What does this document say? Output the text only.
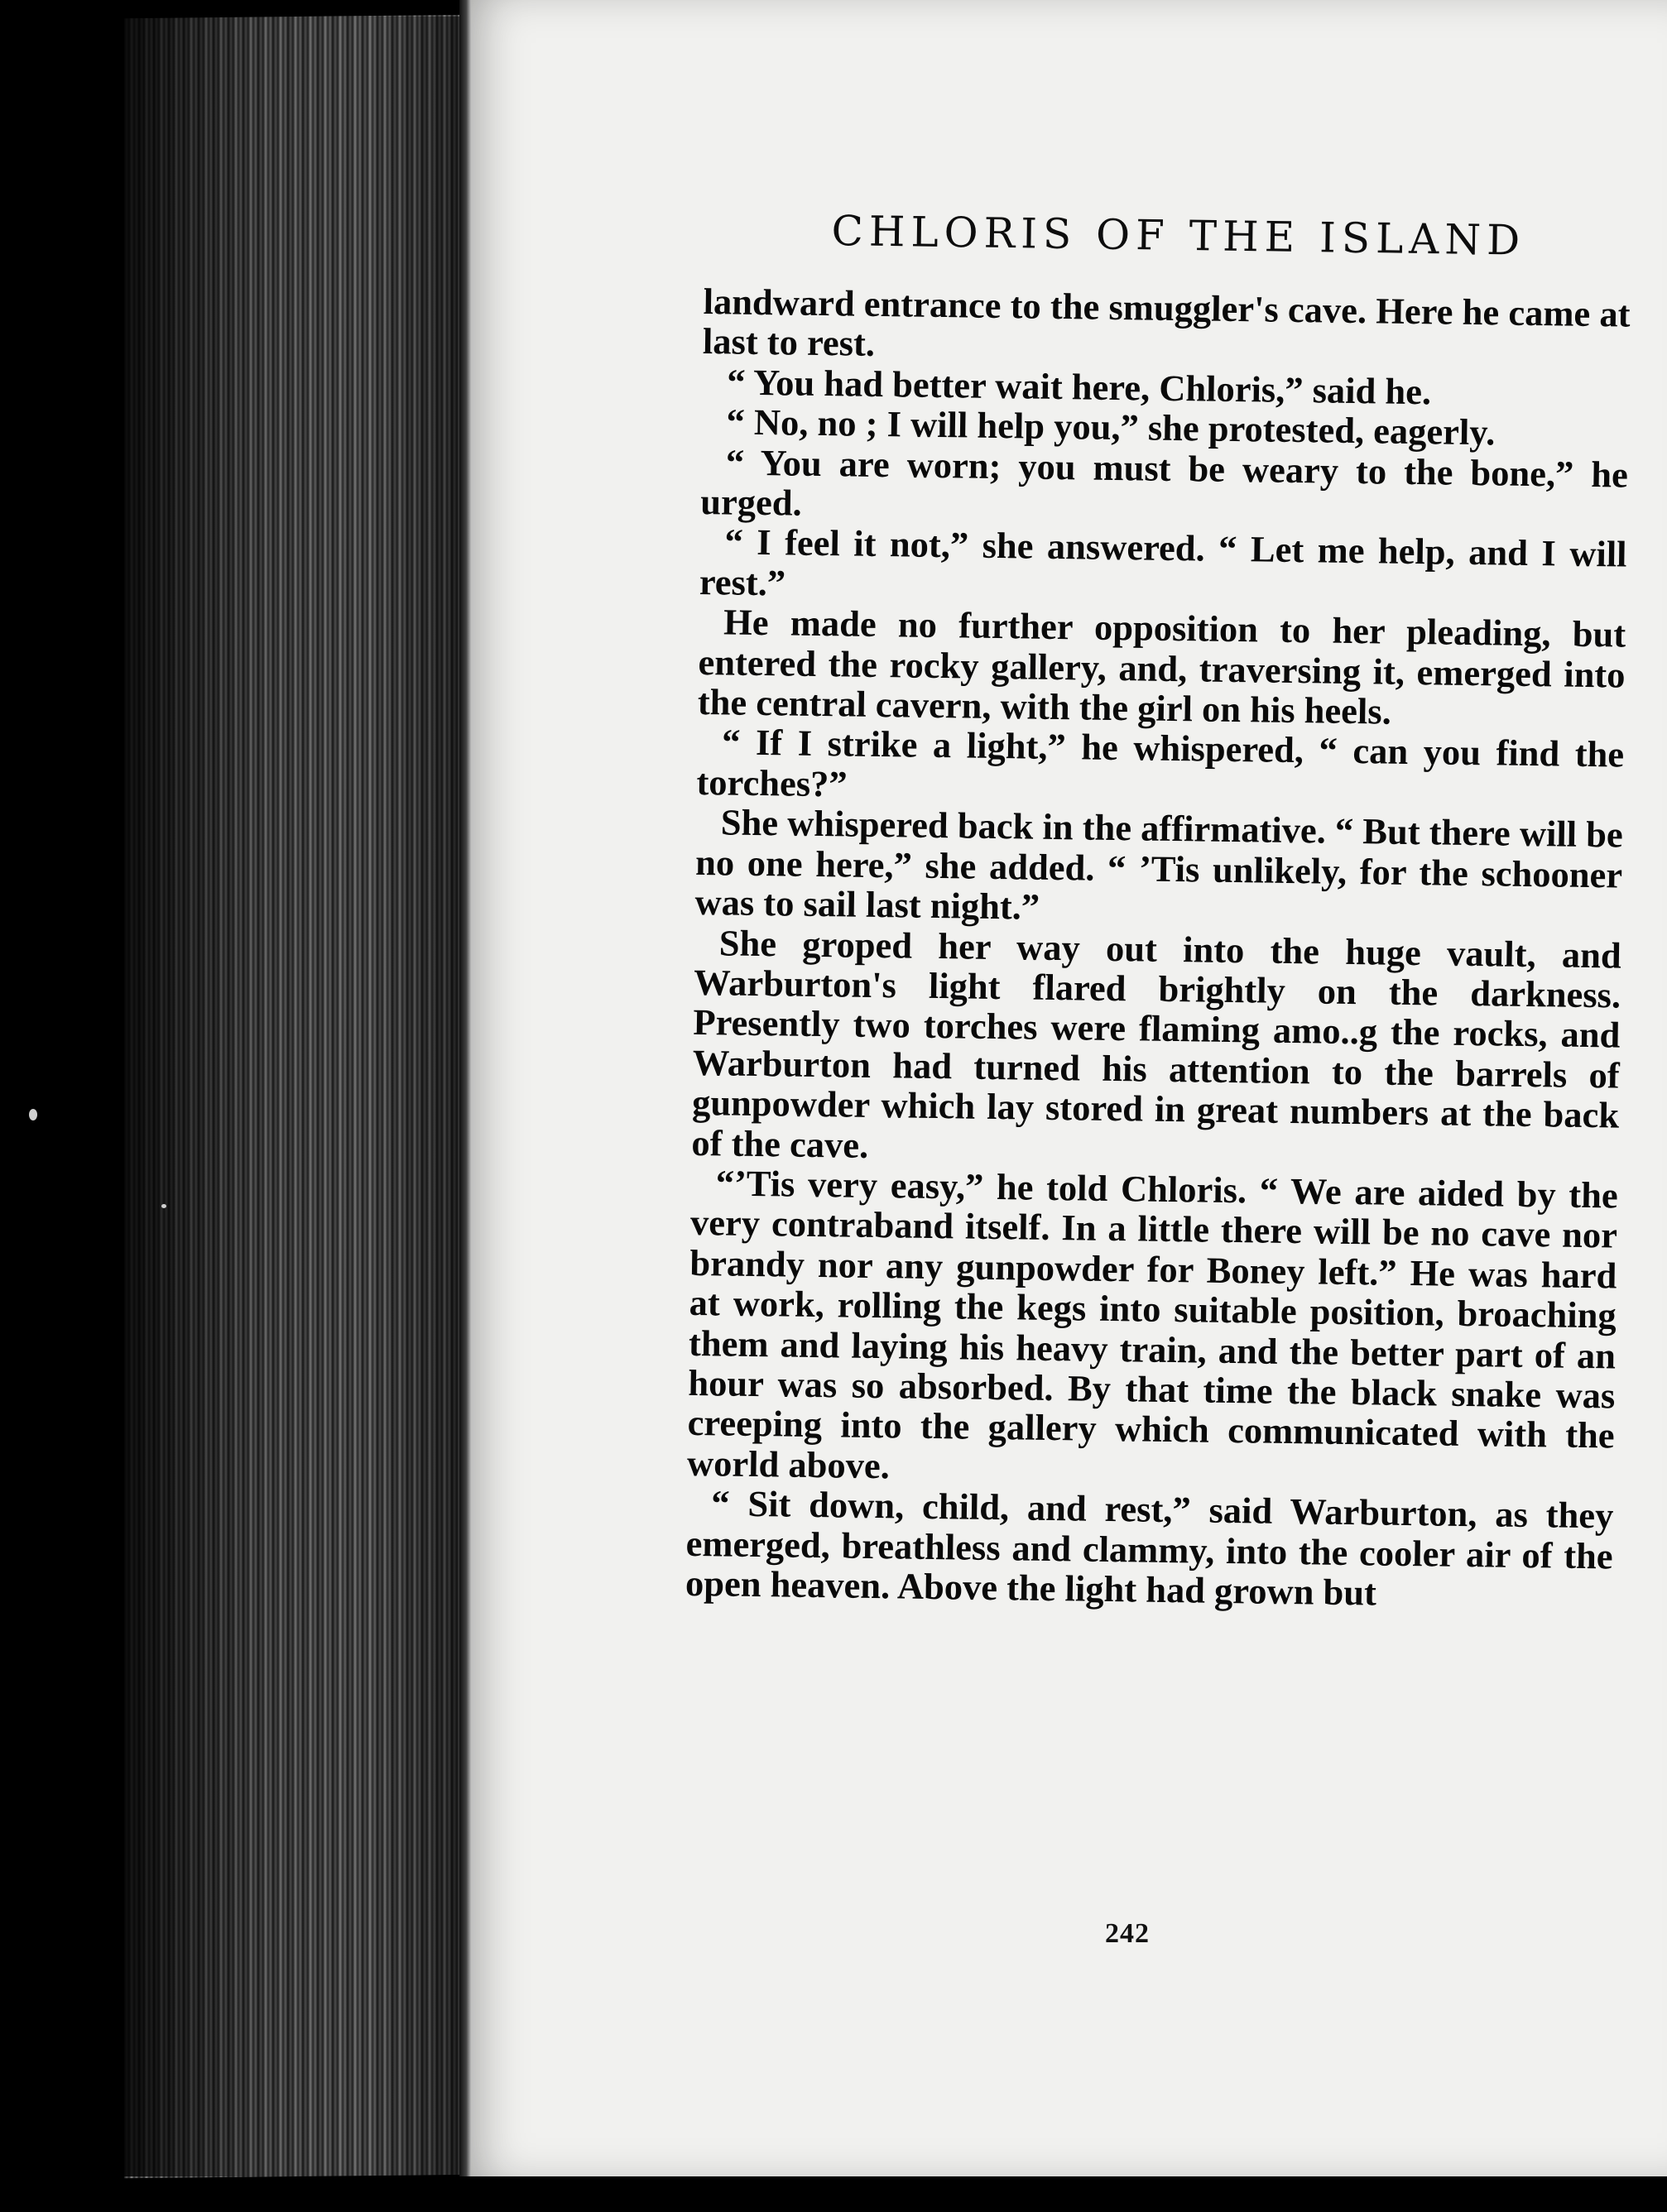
CHLORIS OF THE ISLAND

landward entrance to the smuggler's cave. Here he came at last to rest.

“ You had better wait here, Chloris,” said he.

“ No, no ; I will help you,” she protested, eagerly.

“ You are worn; you must be weary to the bone,” he urged.

“ I feel it not,” she answered. “ Let me help, and I will rest.”

He made no further opposition to her pleading, but entered the rocky gallery, and, traversing it, emerged into the central cavern, with the girl on his heels.

“ If I strike a light,” he whispered, “ can you find the torches?”

She whispered back in the affirmative. “ But there will be no one here,” she added. “ ’Tis unlikely, for the schooner was to sail last night.”

She groped her way out into the huge vault, and Warburton's light flared brightly on the darkness. Presently two torches were flaming amo..g the rocks, and Warburton had turned his attention to the barrels of gunpowder which lay stored in great numbers at the back of the cave.

“’Tis very easy,” he told Chloris. “ We are aided by the very contraband itself. In a little there will be no cave nor brandy nor any gunpowder for Boney left.” He was hard at work, rolling the kegs into suitable position, broaching them and laying his heavy train, and the better part of an hour was so absorbed. By that time the black snake was creeping into the gallery which communicated with the world above.

“ Sit down, child, and rest,” said Warburton, as they emerged, breathless and clammy, into the cooler air of the open heaven. Above the light had grown but

242
